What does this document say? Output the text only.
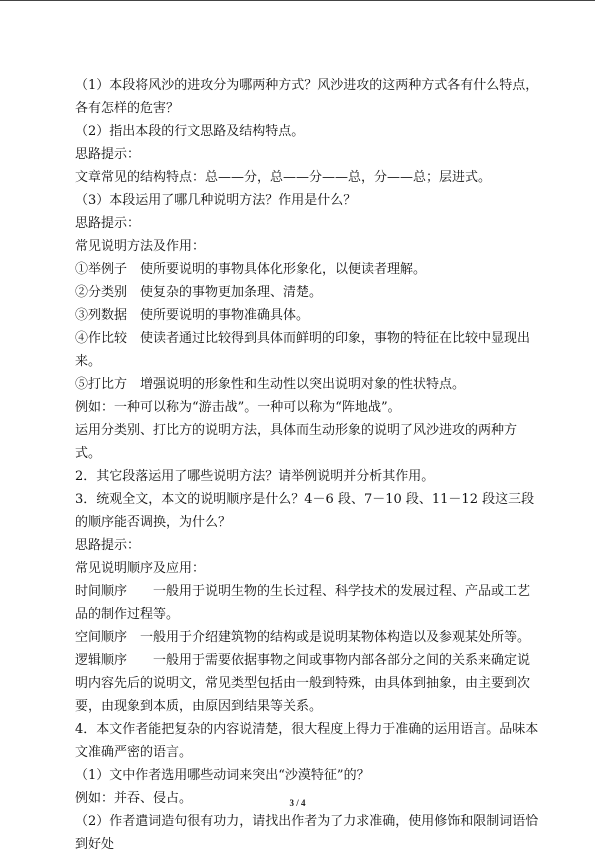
（1）本段将风沙的进攻分为哪两种方式？风沙进攻的这两种方式各有什么特点，各有怎样的危害？

（2）指出本段的行文思路及结构特点。

思路提示：

文章常见的结构特点：总——分，总——分——总，分——总；层进式。

（3）本段运用了哪几种说明方法？作用是什么？

思路提示：

常见说明方法及作用：

①举例子　使所要说明的事物具体化形象化，以便读者理解。

②分类别　使复杂的事物更加条理、清楚。

③列数据　使所要说明的事物准确具体。

④作比较　使读者通过比较得到具体而鲜明的印象，事物的特征在比较中显现出来。

⑤打比方　增强说明的形象性和生动性以突出说明对象的性状特点。

例如：一种可以称为“游击战”。一种可以称为“阵地战”。

运用分类别、打比方的说明方法，具体而生动形象的说明了风沙进攻的两种方式。

2．其它段落运用了哪些说明方法？请举例说明并分析其作用。

3．统观全文，本文的说明顺序是什么？4－6 段、7－10 段、11－12 段这三段的顺序能否调换，为什么？

思路提示：

常见说明顺序及应用：

时间顺序　　一般用于说明生物的生长过程、科学技术的发展过程、产品或工艺品的制作过程等。

空间顺序　一般用于介绍建筑物的结构或是说明某物体构造以及参观某处所等。

逻辑顺序　　一般用于需要依据事物之间或事物内部各部分之间的关系来确定说明内容先后的说明文，常见类型包括由一般到特殊，由具体到抽象，由主要到次要，由现象到本质，由原因到结果等关系。

4．本文作者能把复杂的内容说清楚，很大程度上得力于准确的运用语言。品味本文准确严密的语言。

（1）文中作者选用哪些动词来突出“沙漠特征”的？

例如：并吞、侵占。

（2）作者遣词造句很有功力，请找出作者为了力求准确，使用修饰和限制词语恰到好处

3 / 4
